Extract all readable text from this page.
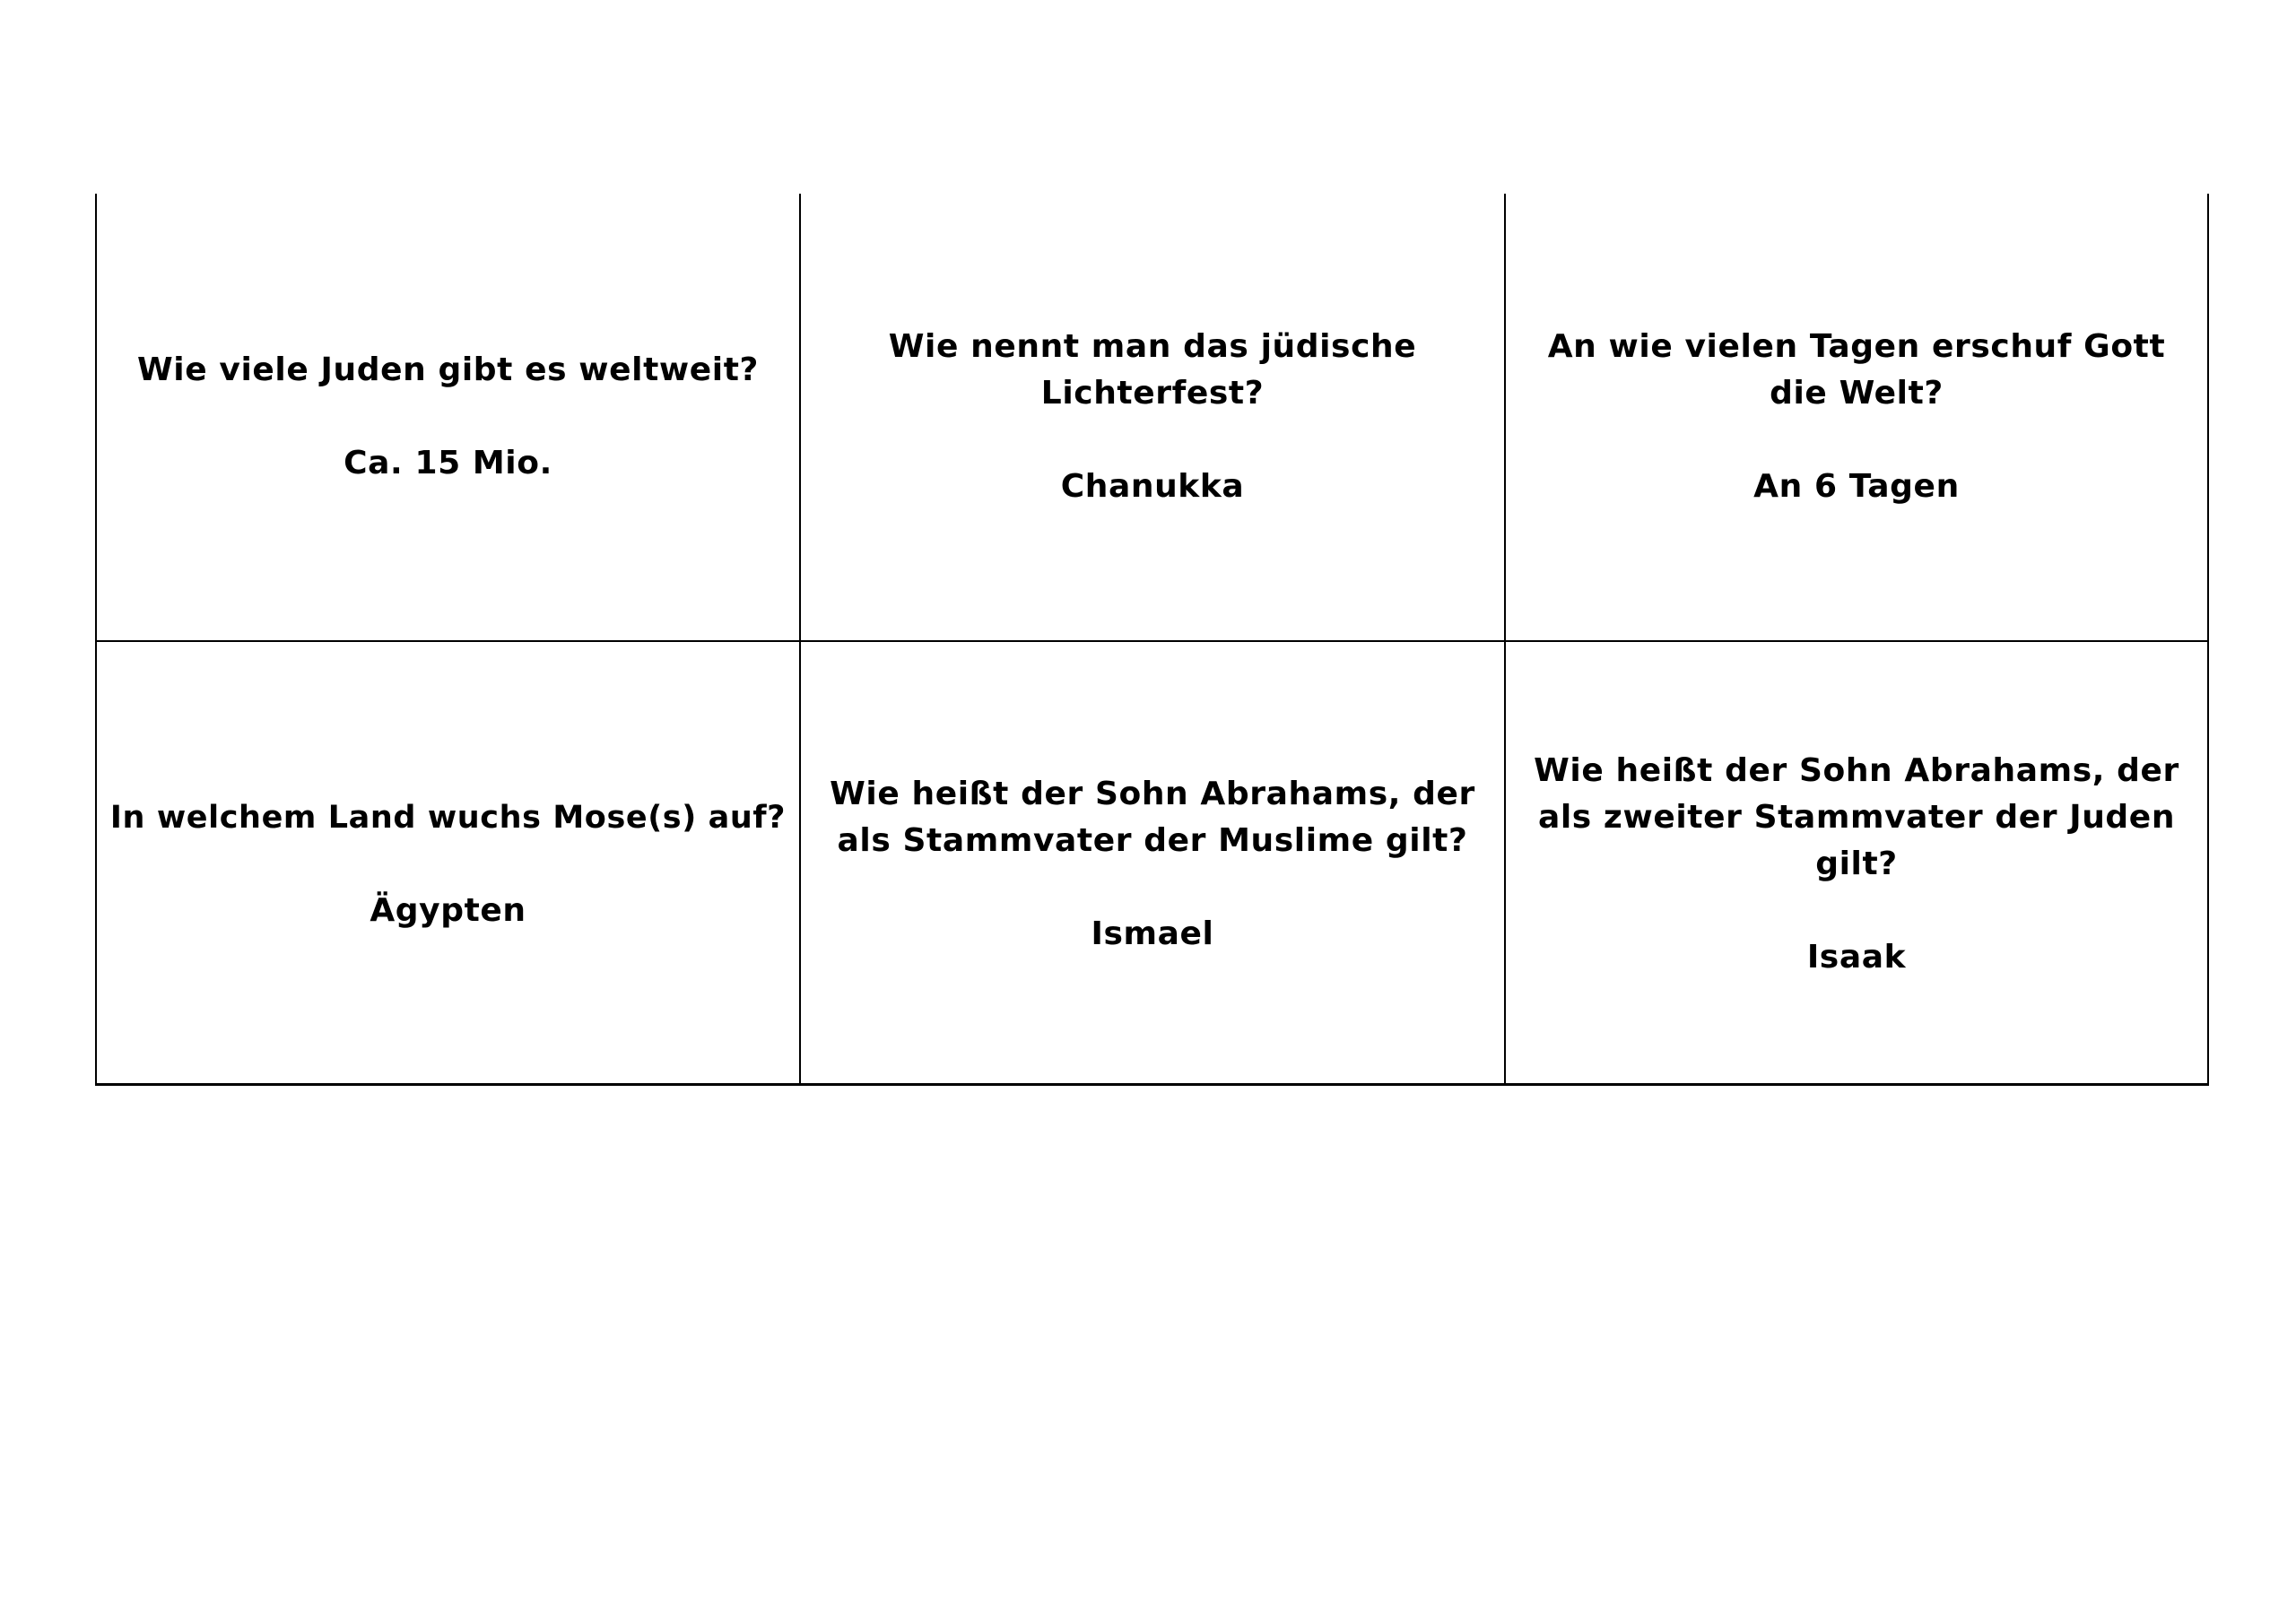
Wie viele Juden gibt es weltweit?
Ca. 15 Mio.
Wie nennt man das jüdische Lichterfest?
Chanukka
An wie vielen Tagen erschuf Gott die Welt?
An 6 Tagen
In welchem Land wuchs Mose(s) auf?
Ägypten
Wie heißt der Sohn Abrahams, der als Stammvater der Muslime gilt?
Ismael
Wie heißt der Sohn Abrahams, der als zweiter Stammvater der Juden gilt?
Isaak
